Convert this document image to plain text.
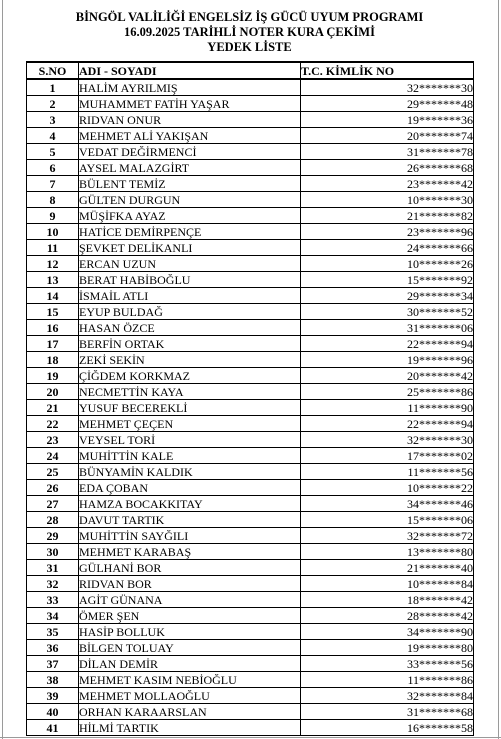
BİNGÖL VALİLİĞİ ENGELSİZ İŞ GÜCÜ UYUM PROGRAMI
16.09.2025 TARİHLİ NOTER KURA ÇEKİMİ
YEDEK LİSTE
S.NO	ADI - SOYADI	T.C. KİMLİK NO
1	HALİM AYRILMIŞ	32*******30
2	MUHAMMET FATİH YAŞAR	29*******48
3	RIDVAN ONUR	19*******36
4	MEHMET ALİ YAKIŞAN	20*******74
5	VEDAT DEĞİRMENCİ	31*******78
6	AYSEL MALAZGİRT	26*******68
7	BÜLENT TEMİZ	23*******42
8	GÜLTEN DURGUN	10*******30
9	MÜŞİFKA AYAZ	21*******82
10	HATİCE DEMİRPENÇE	23*******96
11	ŞEVKET DELİKANLI	24*******66
12	ERCAN UZUN	10*******26
13	BERAT HABİBOĞLU	15*******92
14	İSMAİL ATLI	29*******34
15	EYUP BULDAĞ	30*******52
16	HASAN ÖZCE	31*******06
17	BERFİN ORTAK	22*******94
18	ZEKİ SEKİN	19*******96
19	ÇİĞDEM KORKMAZ	20*******42
20	NECMETTİN KAYA	25*******86
21	YUSUF BECEREKLİ	11*******90
22	MEHMET ÇEÇEN	22*******94
23	VEYSEL TORİ	32*******30
24	MUHİTTİN KALE	17*******02
25	BÜNYAMİN KALDIK	11*******56
26	EDA ÇOBAN	10*******22
27	HAMZA BOCAKKITAY	34*******46
28	DAVUT TARTIK	15*******06
29	MUHİTTİN SAYĞILI	32*******72
30	MEHMET KARABAŞ	13*******80
31	GÜLHANİ BOR	21*******40
32	RIDVAN BOR	10*******84
33	AGİT GÜNANA	18*******42
34	ÖMER ŞEN	28*******42
35	HASİP BOLLUK	34*******90
36	BİLGEN TOLUAY	19*******80
37	DİLAN DEMİR	33*******56
38	MEHMET KASIM NEBİOĞLU	11*******86
39	MEHMET MOLLAOĞLU	32*******84
40	ORHAN KARAARSLAN	31*******68
41	HİLMİ TARTIK	16*******58
